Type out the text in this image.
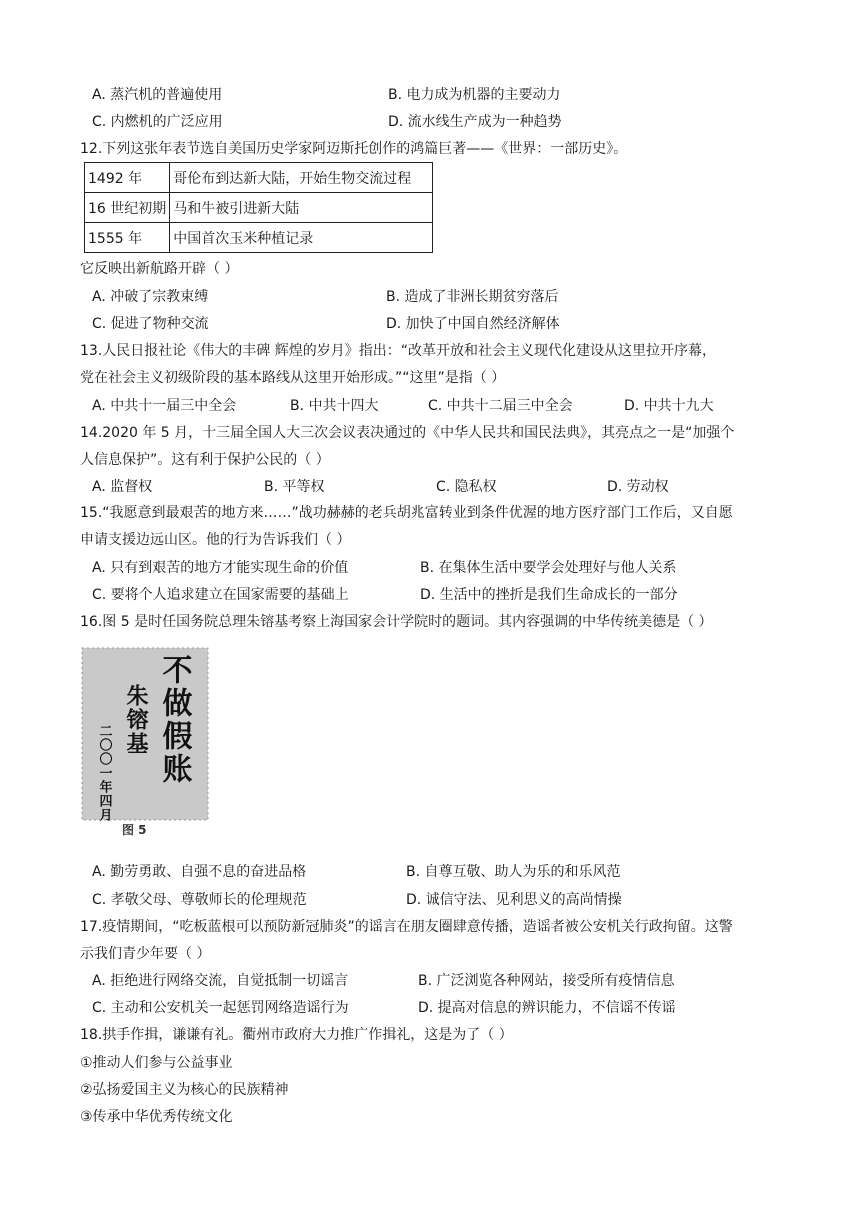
A. 蒸汽机的普遍使用	B. 电力成为机器的主要动力
C. 内燃机的广泛应用	D. 流水线生产成为一种趋势
12.下列这张年表节选自美国历史学家阿迈斯托创作的鸿篇巨著——《世界：一部历史》。
1492 年	哥伦布到达新大陆，开始生物交流过程
16 世纪初期	马和牛被引进新大陆
1555 年	中国首次玉米种植记录
它反映出新航路开辟（ ）
A. 冲破了宗教束缚	B. 造成了非洲长期贫穷落后
C. 促进了物种交流	D. 加快了中国自然经济解体
13.人民日报社论《伟大的丰碑 辉煌的岁月》指出：“改革开放和社会主义现代化建设从这里拉开序幕，
党在社会主义初级阶段的基本路线从这里开始形成。”“这里”是指（ ）
A. 中共十一届三中全会	B. 中共十四大	C. 中共十二届三中全会	D. 中共十九大
14.2020 年 5 月，十三届全国人大三次会议表决通过的《中华人民共和国民法典》，其亮点之一是“加强个
人信息保护”。这有利于保护公民的（ ）
A. 监督权	B. 平等权	C. 隐私权	D. 劳动权
15.“我愿意到最艰苦的地方来……”战功赫赫的老兵胡兆富转业到条件优渥的地方医疗部门工作后，又自愿
申请支援边远山区。他的行为告诉我们（ ）
A. 只有到艰苦的地方才能实现生命的价值	B. 在集体生活中要学会处理好与他人关系
C. 要将个人追求建立在国家需要的基础上	D. 生活中的挫折是我们生命成长的一部分
16.图 5 是时任国务院总理朱镕基考察上海国家会计学院时的题词。其内容强调的中华传统美德是（ ）
不做假账
朱镕基
二〇〇一年四月
图 5
A. 勤劳勇敢、自强不息的奋进品格	B. 自尊互敬、助人为乐的和乐风范
C. 孝敬父母、尊敬师长的伦理规范	D. 诚信守法、见利思义的高尚情操
17.疫情期间，“吃板蓝根可以预防新冠肺炎”的谣言在朋友圈肆意传播，造谣者被公安机关行政拘留。这警
示我们青少年要（ ）
A. 拒绝进行网络交流，自觉抵制一切谣言	B. 广泛浏览各种网站，接受所有疫情信息
C. 主动和公安机关一起惩罚网络造谣行为	D. 提高对信息的辨识能力，不信谣不传谣
18.拱手作揖，谦谦有礼。衢州市政府大力推广作揖礼，这是为了（ ）
①推动人们参与公益事业
②弘扬爱国主义为核心的民族精神
③传承中华优秀传统文化
